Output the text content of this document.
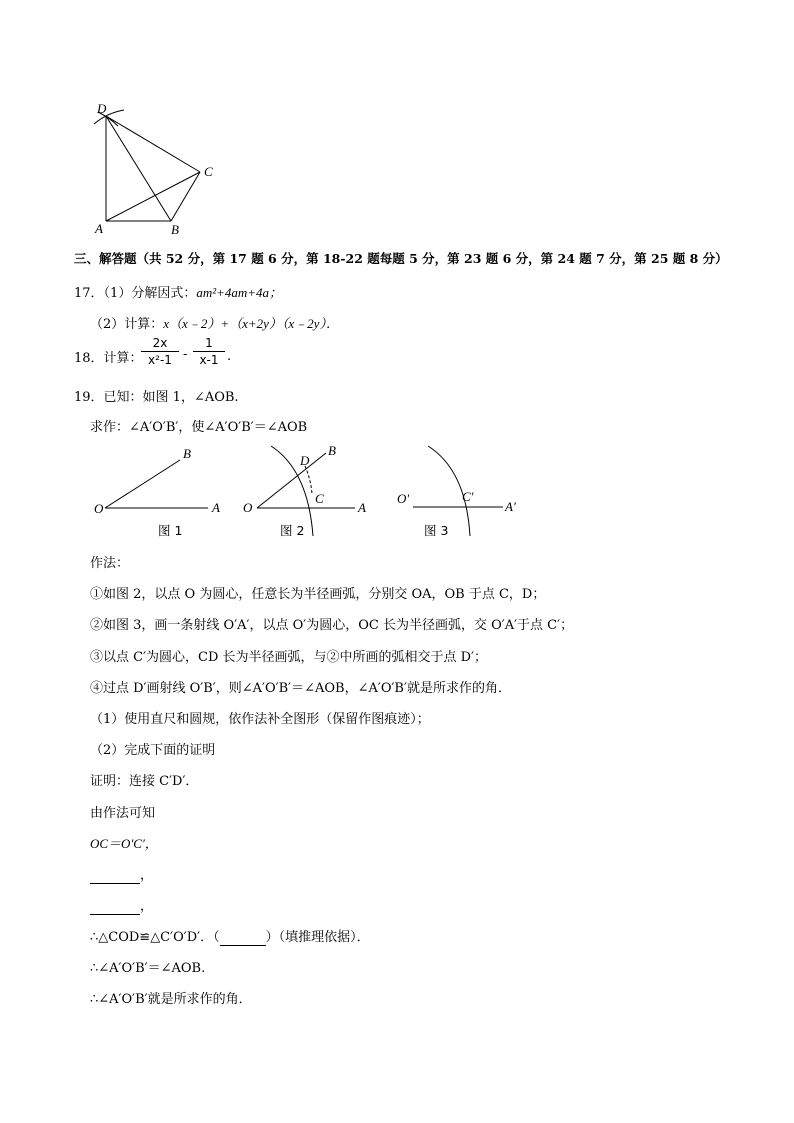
D
C
A	B
三、解答题（共 52 分，第 17 题 6 分，第 18-22 题每题 5 分，第 23 题 6 分，第 24 题 7 分，第 25 题 8 分）
17．（1）分解因式：am²+4am+4a；
（2）计算：x（x﹣2）+（x+2y）（x﹣2y）．
18．计算：
$\frac{2x}{\text{x²-1}} - \frac{1}{x-1}$ .
19．已知：如图 1，∠AOB.
求作：∠A′O′B′，使∠A′O′B′＝∠AOB
O	A
B
图 1
O	A
B
D
C
图 2
O′
A′
C′
图 3
作法：
①如图 2，以点 O 为圆心，任意长为半径画弧，分别交 OA，OB 于点 C，D；
②如图 3，画一条射线 O′A′，以点 O′为圆心，OC 长为半径画弧，交 O′A′于点 C′；
③以点 C′为圆心，CD 长为半径画弧，与②中所画的弧相交于点 D′；
④过点 D′画射线 O′B′，则∠A′O′B′＝∠AOB，∠A′O′B′就是所求作的角．
（1）使用直尺和圆规，依作法补全图形（保留作图痕迹）；
（2）完成下面的证明
证明：连接 C′D′．
由作法可知
OC＝O′C′，
，
，
∴△COD≌△C′O′D′．（	）（填推理依据）．
∴∠A′O′B′＝∠AOB.
∴∠A′O′B′就是所求作的角．
